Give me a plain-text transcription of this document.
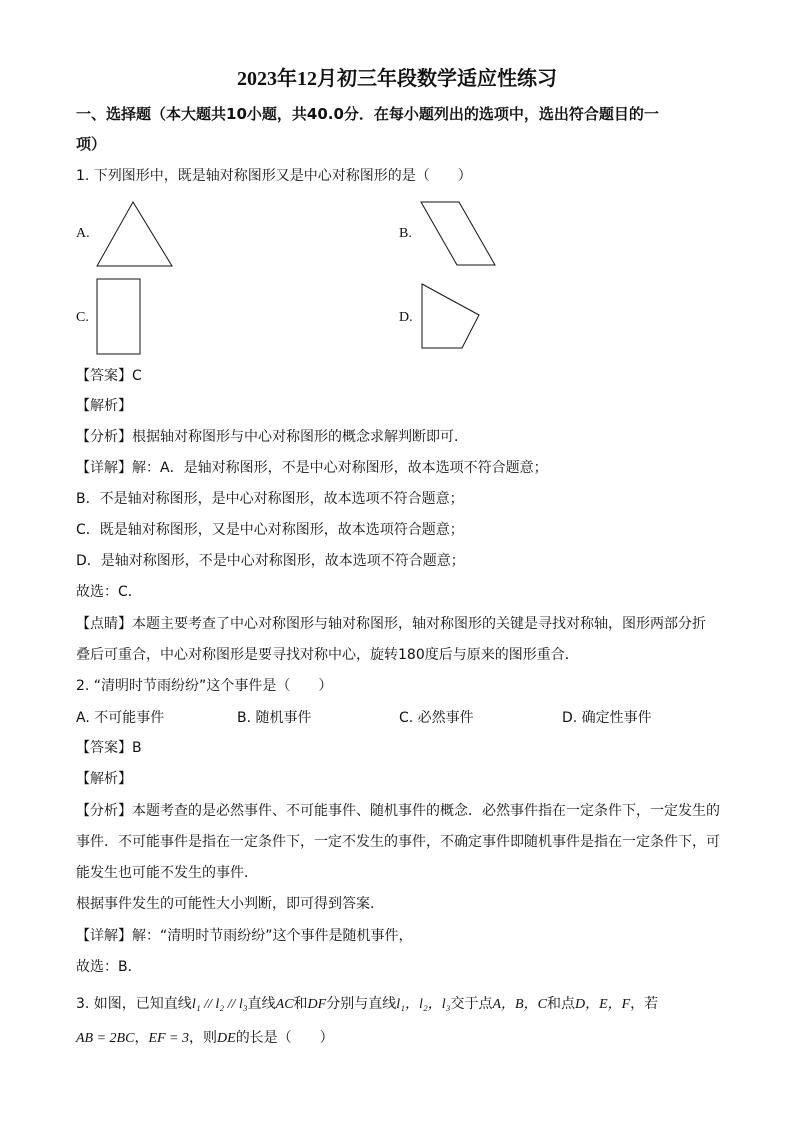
2023年12月初三年段数学适应性练习
一、选择题（本大题共10小题，共40.0分．在每小题列出的选项中，选出符合题目的一
项）
1. 下列图形中，既是轴对称图形又是中心对称图形的是（　　）
A.	B.
C.	D.
【答案】C
【解析】
【分析】根据轴对称图形与中心对称图形的概念求解判断即可．
【详解】解：A．是轴对称图形，不是中心对称图形，故本选项不符合题意；
B．不是轴对称图形，是中心对称图形，故本选项不符合题意；
C．既是轴对称图形，又是中心对称图形，故本选项符合题意；
D．是轴对称图形，不是中心对称图形，故本选项不符合题意；
故选：C．
【点睛】本题主要考查了中心对称图形与轴对称图形，轴对称图形的关键是寻找对称轴，图形两部分折
叠后可重合，中心对称图形是要寻找对称中心，旋转180度后与原来的图形重合．
2. “清明时节雨纷纷”这个事件是（　　）
A. 不可能事件	B. 随机事件	C. 必然事件	D. 确定性事件
【答案】B
【解析】
【分析】本题考查的是必然事件、不可能事件、随机事件的概念．必然事件指在一定条件下，一定发生的
事件．不可能事件是指在一定条件下，一定不发生的事件，不确定事件即随机事件是指在一定条件下，可
能发生也可能不发生的事件．
根据事件发生的可能性大小判断，即可得到答案．
【详解】解：“清明时节雨纷纷”这个事件是随机事件，
故选：B．
3. 如图，已知直线l₁ // l₂ // l₃直线AC和DF分别与直线l₁，l₂，l₃交于点A，B，C和点D，E，F，若
AB = 2BC，EF = 3，则DE的长是（　　）
